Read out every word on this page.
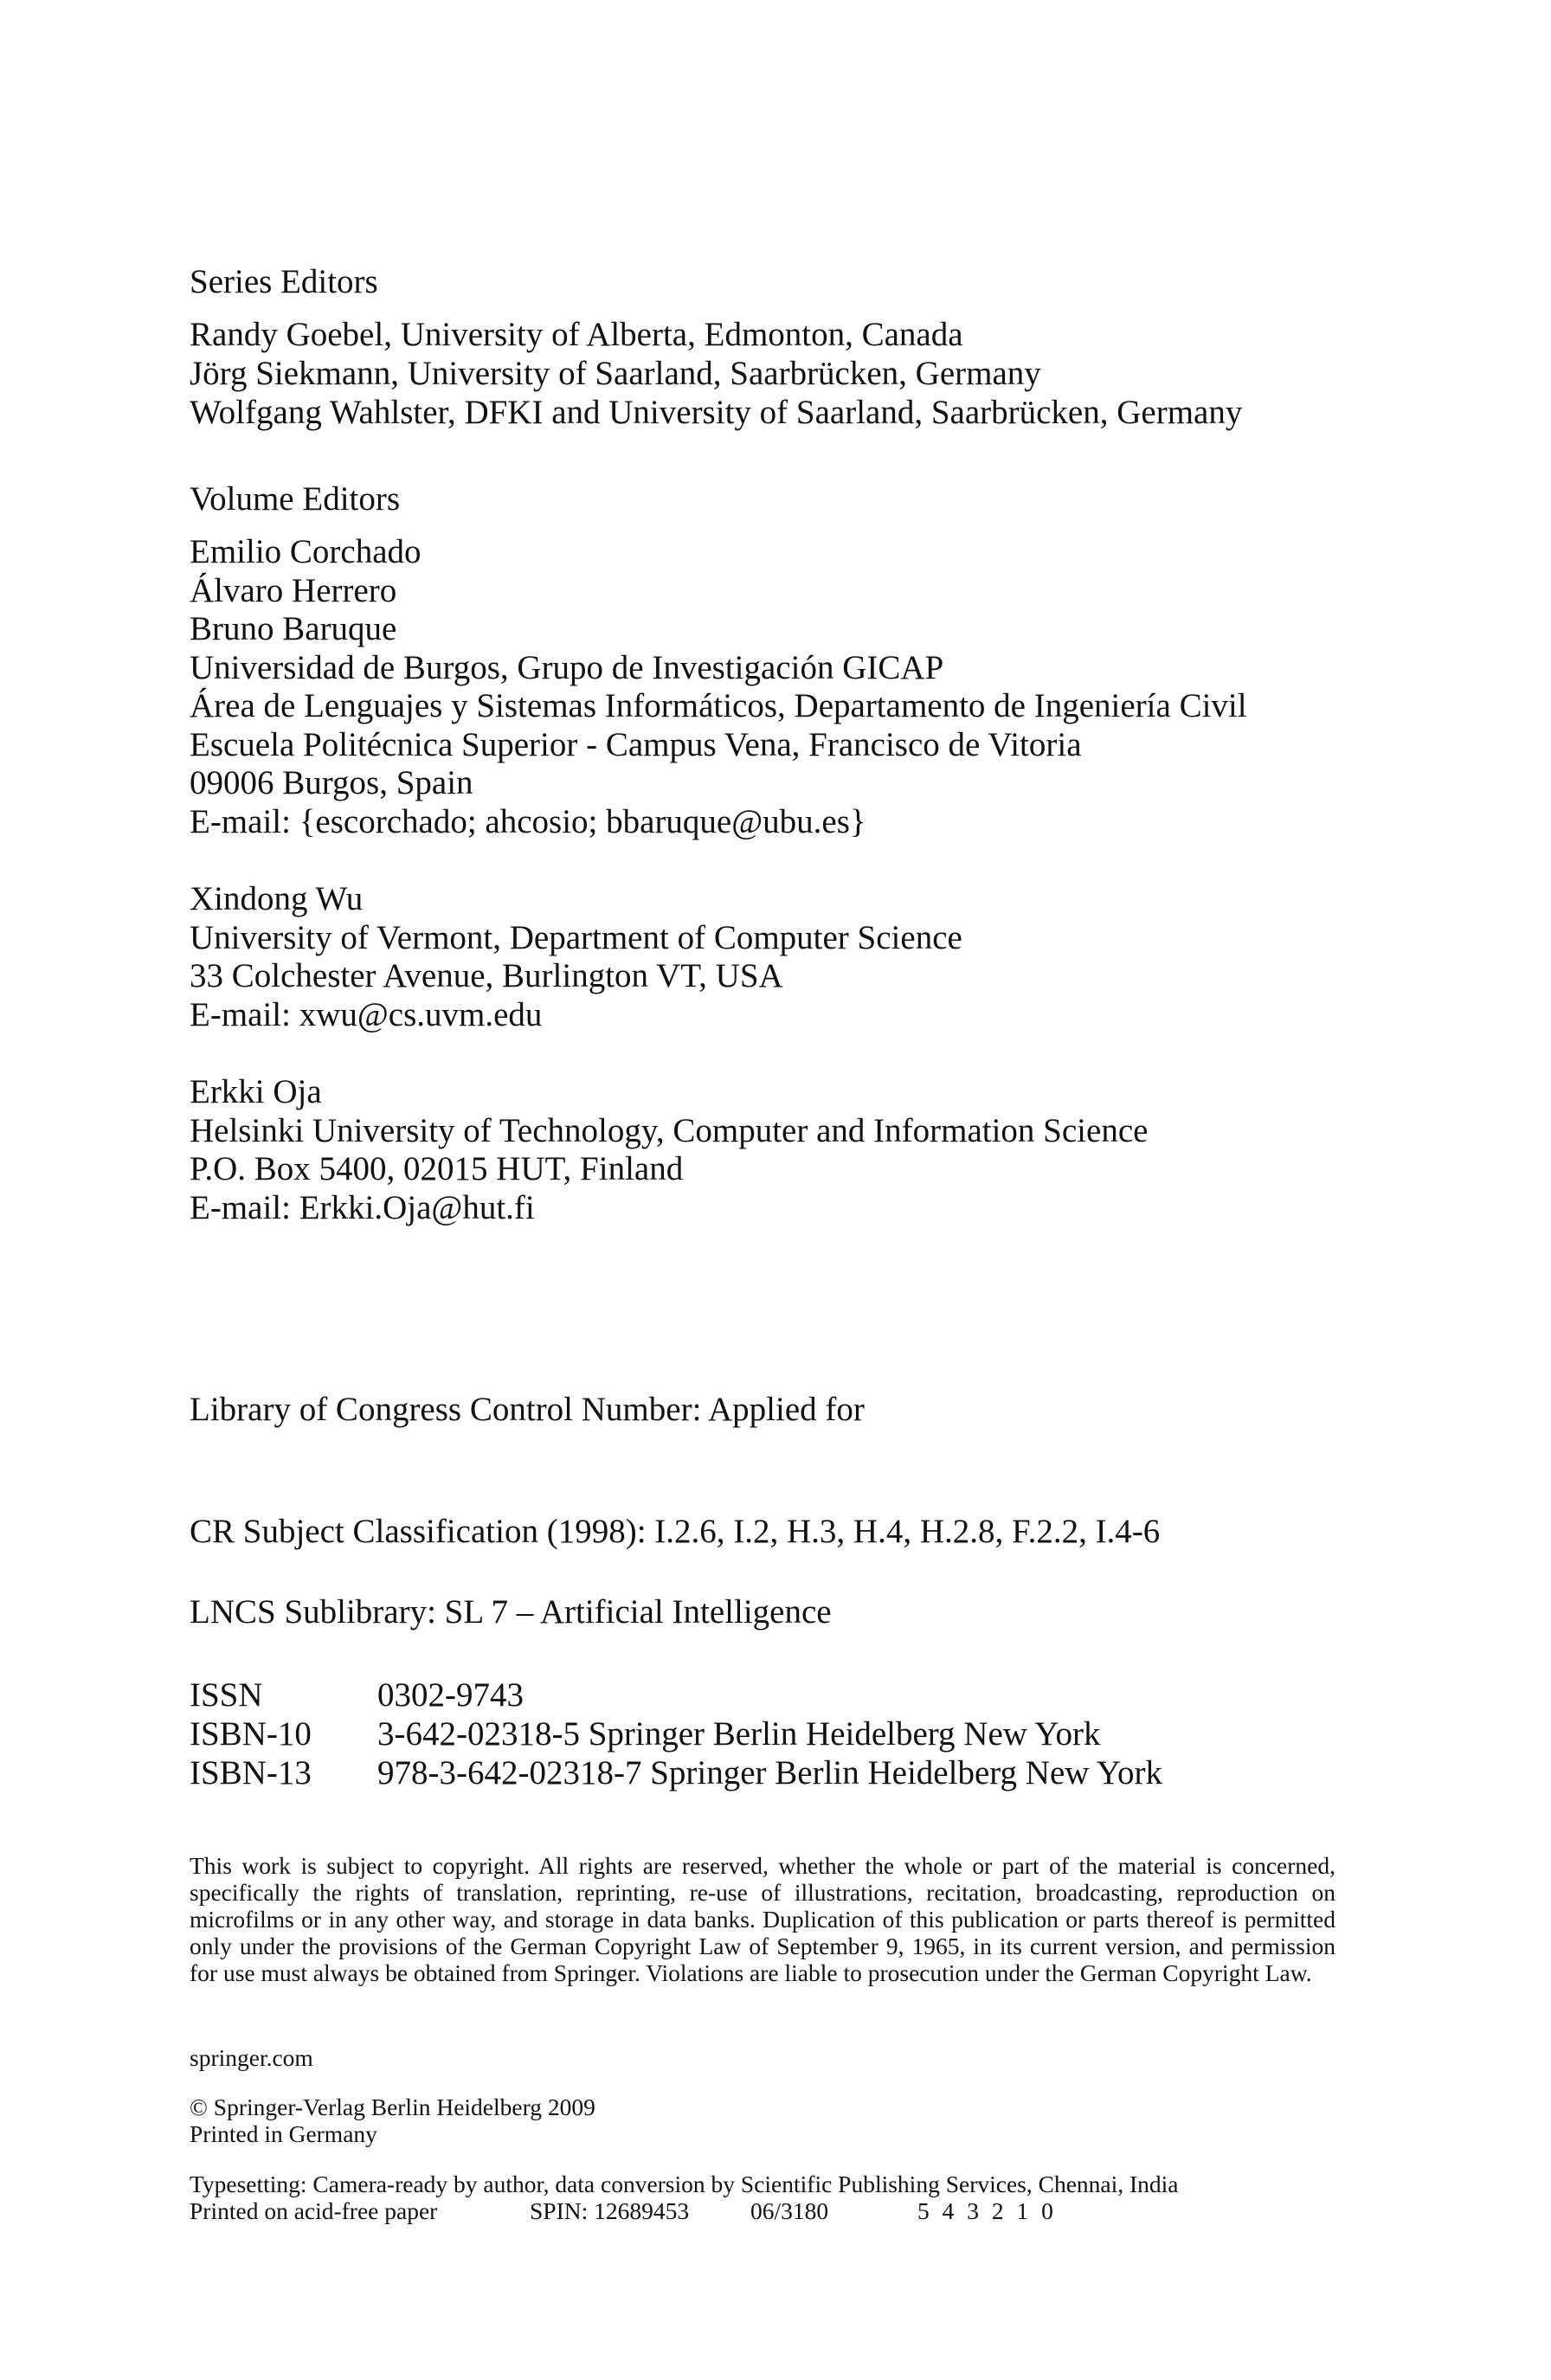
Series Editors
Randy Goebel, University of Alberta, Edmonton, Canada
Jörg Siekmann, University of Saarland, Saarbrücken, Germany
Wolfgang Wahlster, DFKI and University of Saarland, Saarbrücken, Germany
Volume Editors
Emilio Corchado
Álvaro Herrero
Bruno Baruque
Universidad de Burgos, Grupo de Investigación GICAP
Área de Lenguajes y Sistemas Informáticos, Departamento de Ingeniería Civil
Escuela Politécnica Superior - Campus Vena, Francisco de Vitoria
09006 Burgos, Spain
E-mail: {escorchado; ahcosio; bbaruque@ubu.es}
Xindong Wu
University of Vermont, Department of Computer Science
33 Colchester Avenue, Burlington VT, USA
E-mail: xwu@cs.uvm.edu
Erkki Oja
Helsinki University of Technology, Computer and Information Science
P.O. Box 5400, 02015 HUT, Finland
E-mail: Erkki.Oja@hut.fi
Library of Congress Control Number: Applied for
CR Subject Classification (1998): I.2.6, I.2, H.3, H.4, H.2.8, F.2.2, I.4-6
LNCS Sublibrary: SL 7 – Artificial Intelligence
ISSN	0302-9743
ISBN-10 3-642-02318-5 Springer Berlin Heidelberg New York
ISBN-13 978-3-642-02318-7 Springer Berlin Heidelberg New York
This work is subject to copyright. All rights are reserved, whether the whole or part of the material is concerned, specifically the rights of translation, reprinting, re-use of illustrations, recitation, broadcasting, reproduction on microfilms or in any other way, and storage in data banks. Duplication of this publication or parts thereof is permitted only under the provisions of the German Copyright Law of September 9, 1965, in its current version, and permission for use must always be obtained from Springer. Violations are liable to prosecution under the German Copyright Law.
springer.com
© Springer-Verlag Berlin Heidelberg 2009
Printed in Germany
Typesetting: Camera-ready by author, data conversion by Scientific Publishing Services, Chennai, India
Printed on acid-free paper	SPIN: 12689453	06/3180	5 4 3 2 1 0
